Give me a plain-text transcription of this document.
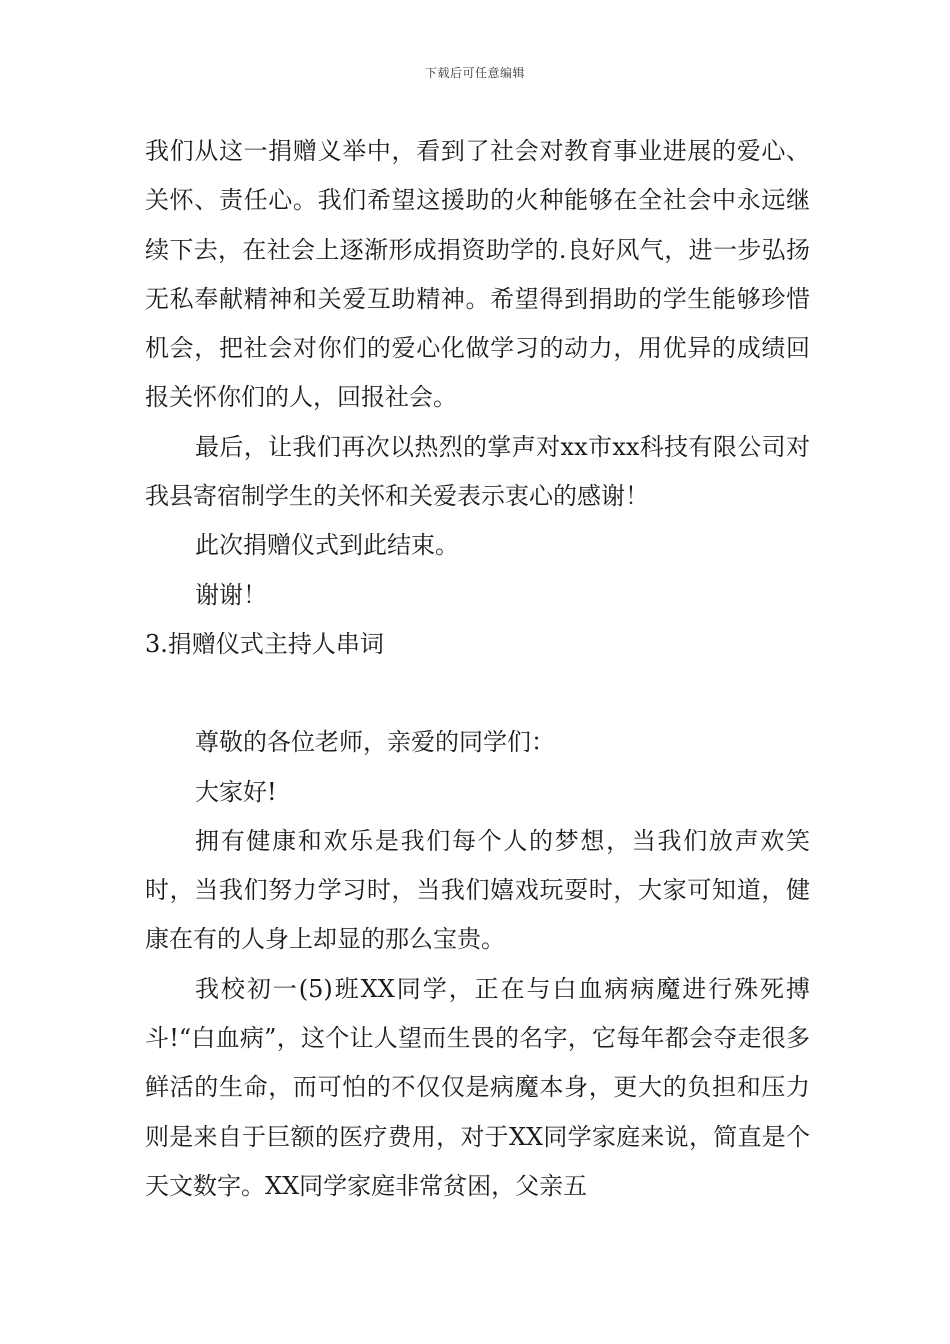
下载后可任意编辑

我们从这一捐赠义举中，看到了社会对教育事业进展的爱心、关怀、责任心。我们希望这援助的火种能够在全社会中永远继续下去，在社会上逐渐形成捐资助学的.良好风气，进一步弘扬无私奉献精神和关爱互助精神。希望得到捐助的学生能够珍惜机会，把社会对你们的爱心化做学习的动力，用优异的成绩回报关怀你们的人，回报社会。

最后，让我们再次以热烈的掌声对xx市xx科技有限公司对我县寄宿制学生的关怀和关爱表示衷心的感谢！

此次捐赠仪式到此结束。

谢谢！

3.捐赠仪式主持人串词

尊敬的各位老师，亲爱的同学们：

大家好!

拥有健康和欢乐是我们每个人的梦想，当我们放声欢笑时，当我们努力学习时，当我们嬉戏玩耍时，大家可知道，健康在有的人身上却显的那么宝贵。

我校初一(5)班XX同学，正在与白血病病魔进行殊死搏斗!“白血病”，这个让人望而生畏的名字，它每年都会夺走很多鲜活的生命，而可怕的不仅仅是病魔本身，更大的负担和压力则是来自于巨额的医疗费用，对于XX同学家庭来说，简直是个天文数字。XX同学家庭非常贫困，父亲五
